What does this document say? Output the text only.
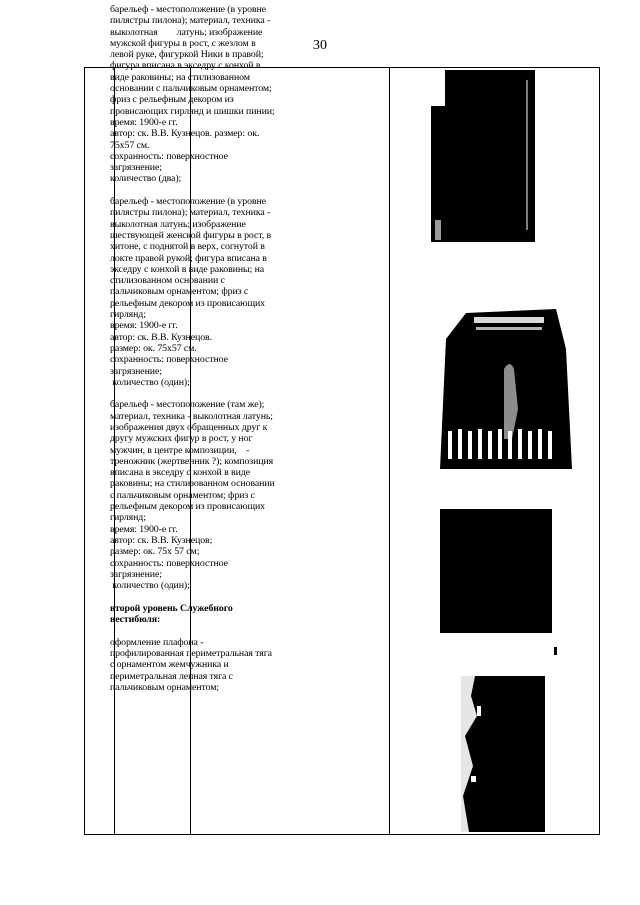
30
барельеф - местоположение (в уровне
пилястры пилона); материал, техника -
выколотная        латунь; изображение
мужской фигуры в рост, с жезлом в
левой руке, фигуркой Ники в правой;
фигура вписана в экседру с конхой в
виде раковины; на стилизованном
основании с пальчиковым орнаментом;
фриз с рельефным декором из
провисающих гирлянд и шишки пинии;
время: 1900-е гг.
автор: ск. В.В. Кузнецов. размер: ок.
75x57 см.
сохранность: поверхностное
загрязнение;
количество (два);
барельеф - местоположение (в уровне
пилястры пилона); материал, техника -
выколотная латунь; изображение
шествующей женской фигуры в рост, в
хитоне, с поднятой в верх, согнутой в
локте правой рукой; фигура вписана в
экседру с конхой в виде раковины; на
стилизованном основании с
пальчиковым орнаментом; фриз с
рельефным декором из провисающих
гирлянд;
время: 1900-е гг.
автор: ск. В.В. Кузнецов.
размер: ок. 75x57 см.
сохранность: поверхностное
загрязнение;
количество (один);
барельеф - местоположение (там же);
материал, техника - выколотная латунь;
изображения двух обращенных друг к
другу мужских фигур в рост, у ног
мужчин, в центре композиции,    -
треножник (жертвенник ?); композиция
вписана в экседру с конхой в виде
раковины; на стилизованном основании
с пальчиковым орнаментом; фриз с
рельефным декором из провисающих
гирлянд;
время: 1900-е гг.
автор: ск. В.В. Кузнецов;
размер: ок. 75x 57 см;
сохранность: поверхностное
загрязнение;
количество (один);
второй уровень Служебного
вестибюля:
оформление плафона -
профилированная периметральная тяга
с орнаментом жемчужника и
периметральная лепная тяга с
пальчиковым орнаментом;
